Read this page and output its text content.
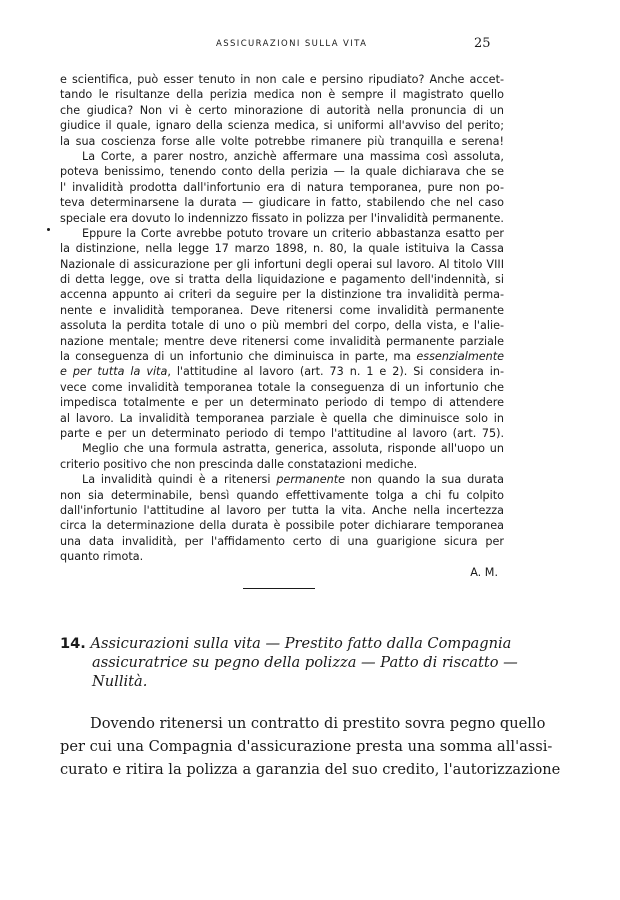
ASSICURAZIONI SULLA VITA	25
e scientifica, può esser tenuto in non cale e persino ripudiato? Anche accet-
tando le risultanze della perizia medica non è sempre il magistrato quello
che giudica? Non vi è certo minorazione di autorità nella pronuncia di un
giudice il quale, ignaro della scienza medica, si uniformi all'avviso del perito;
la sua coscienza forse alle volte potrebbe rimanere più tranquilla e serena!
La Corte, a parer nostro, anzichè affermare una massima così assoluta,
poteva benissimo, tenendo conto della perizia — la quale dichiarava che se
l' invalidità prodotta dall'infortunio era di natura temporanea, pure non po-
teva determinarsene la durata — giudicare in fatto, stabilendo che nel caso
speciale era dovuto lo indennizzo fissato in polizza per l'invalidità permanente.
Eppure la Corte avrebbe potuto trovare un criterio abbastanza esatto per
la distinzione, nella legge 17 marzo 1898, n. 80, la quale istituiva la Cassa
Nazionale di assicurazione per gli infortuni degli operai sul lavoro. Al titolo VIII
di detta legge, ove si tratta della liquidazione e pagamento dell'indennità, si
accenna appunto ai criteri da seguire per la distinzione tra invalidità perma-
nente e invalidità temporanea. Deve ritenersi come invalidità permanente
assoluta la perdita totale di uno o più membri del corpo, della vista, e l'alie-
nazione mentale; mentre deve ritenersi come invalidità permanente parziale
la conseguenza di un infortunio che diminuisca in parte, ma essenzialmente
e per tutta la vita, l'attitudine al lavoro (art. 73 n. 1 e 2). Si considera in-
vece come invalidità temporanea totale la conseguenza di un infortunio che
impedisca totalmente e per un determinato periodo di tempo di attendere
al lavoro. La invalidità temporanea parziale è quella che diminuisce solo in
parte e per un determinato periodo di tempo l'attitudine al lavoro (art. 75).
Meglio che una formula astratta, generica, assoluta, risponde all'uopo un
criterio positivo che non prescinda dalle constatazioni mediche.
La invalidità quindi è a ritenersi permanente non quando la sua durata
non sia determinabile, bensì quando effettivamente tolga a chi fu colpito
dall'infortunio l'attitudine al lavoro per tutta la vita. Anche nella incertezza
circa la determinazione della durata è possibile poter dichiarare temporanea
una data invalidità, per l'affidamento certo di una guarigione sicura per
quanto rimota.
A. M.
14. Assicurazioni sulla vita — Prestito fatto dalla Compagnia
assicuratrice su pegno della polizza — Patto di riscatto —
Nullità.
Dovendo ritenersi un contratto di prestito sovra pegno quello
per cui una Compagnia d'assicurazione presta una somma all'assi-
curato e ritira la polizza a garanzia del suo credito, l'autorizzazione
